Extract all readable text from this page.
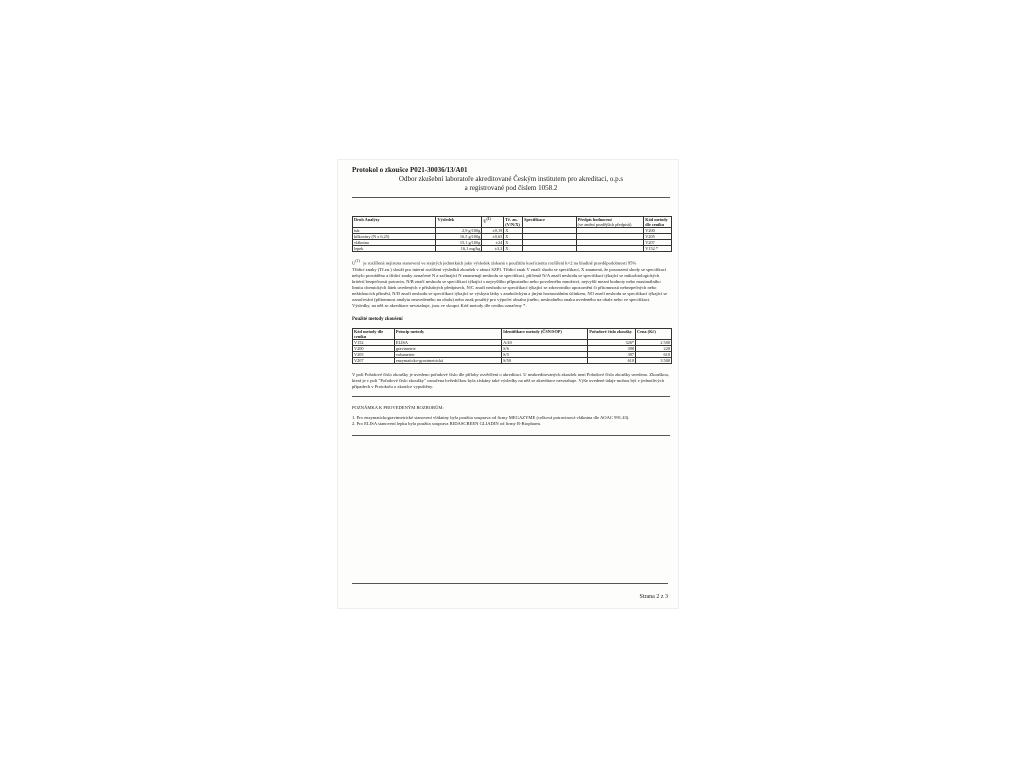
Protokol o zkoušce P021-30036/13/A01
Odbor zkušební laboratoře akreditované Českým institutem pro akreditaci, o.p.s
a registrované pod číslem 1058.2
Druh Analýzy	Výsledek	$U^{(1)}$	Tř. zn. (V/N/X)	Specifikace	Předpis hodnocení
(ve změní pozdějších předpisů)	Kód metody dle ceníku
tuk	2,9 g/100g	±0,19	X			V200
bílkoviny (N x 6,25)	16,5 g/100g	±0,63	X			V205
vláknina	15,1 g/100g	±24	X			V207
lepek	16,1 mg/kg	±3,3	X			V152 *

$U^{(1)}$ je rozšířená nejistota stanovení ve stejných jednotkách jako výsledek získaná s použitím koeficientu rozšíření k=2 na hladině pravděpodobnosti 95%

Třídicí znaky (Tř.zn.) slouží pro interní rozlišení výsledků zkoušek v rámci SZPI. Třídicí znak V značí shodu se specifikací, X znamená, že posouzení shody se specifikací nebylo prováděno a třídicí znaky označené N a začínající N znamenají neshodu se specifikací, přičemž N/A značí neshodu se specifikací týkající se mikrobiologických kritérií bezpečnosti potravin, N/B značí neshodu se specifikací týkající s nejvyššího přípustného nebo povoleného množství, nejvyšší mezní hodnoty nebo maximálního limitu chemických látek uvedených v příslušných předpisech, N/C značí neshodu se specifikací týkající se zdravotního upozornění či přítomnosti nebezpečných nebo nežádoucích příměsí, N/D značí neshodu se specifikací týkající se výskytu látky s anabolickým a jiným hormonálním účinkem, NO značí neshodu se specifikací týkající se označování (přítomnost analytu neuvedeného na obalu) nebo znak použitý pro výpočet obsahu jiného, neshodného znaku uvedeného na obale nebo ve specifikaci.

Výsledky, na něž se akreditace nevztahuje, jsou ve sloupci Kód metody dle ceníku označeny *.

Použité metody zkoušení
Kód metody dle ceníku	Princip metody	Identifikace metody (ČSN/SOP)	Pořadové číslo zkoušky	Cena (Kč)
V152	ELISA	A/40	326*	2 500
V200	gravimetrie	S/6	398	220
V205	volumetrie	S/5	397	610
V207	enzymaticko-gravimetrická	S/50	610	3 500

V poli Pořadové číslo zkoušky je uvedeno pořadové číslo dle přílohy osvědčení o akreditaci. U neakreditovaných zkoušek není Pořadové číslo zkoušky uvedeno. Zkouškou, která je v poli "Pořadové číslo zkoušky" označena hvězdičkou byla získány také výsledky na něž se akreditace nevztahuje. Výše uvedené údaje mohou být v jednotlivých případech v Protokolu o zkoušce vypuštěny.

POZNÁMKA K PROVEDENÝM ROZBORŮM:

1. Pro enzymatickogravimetrické stanovení vlákniny byla použita souprava od firmy MEGAZYME (celková potravinová vláknina dle AOAC 991.43).

2. Pro ELISA stanovení lepku byla použita souprava RIDASCREEN GLIADIN od firmy R-Biopharm.

Strana 2 z 3
